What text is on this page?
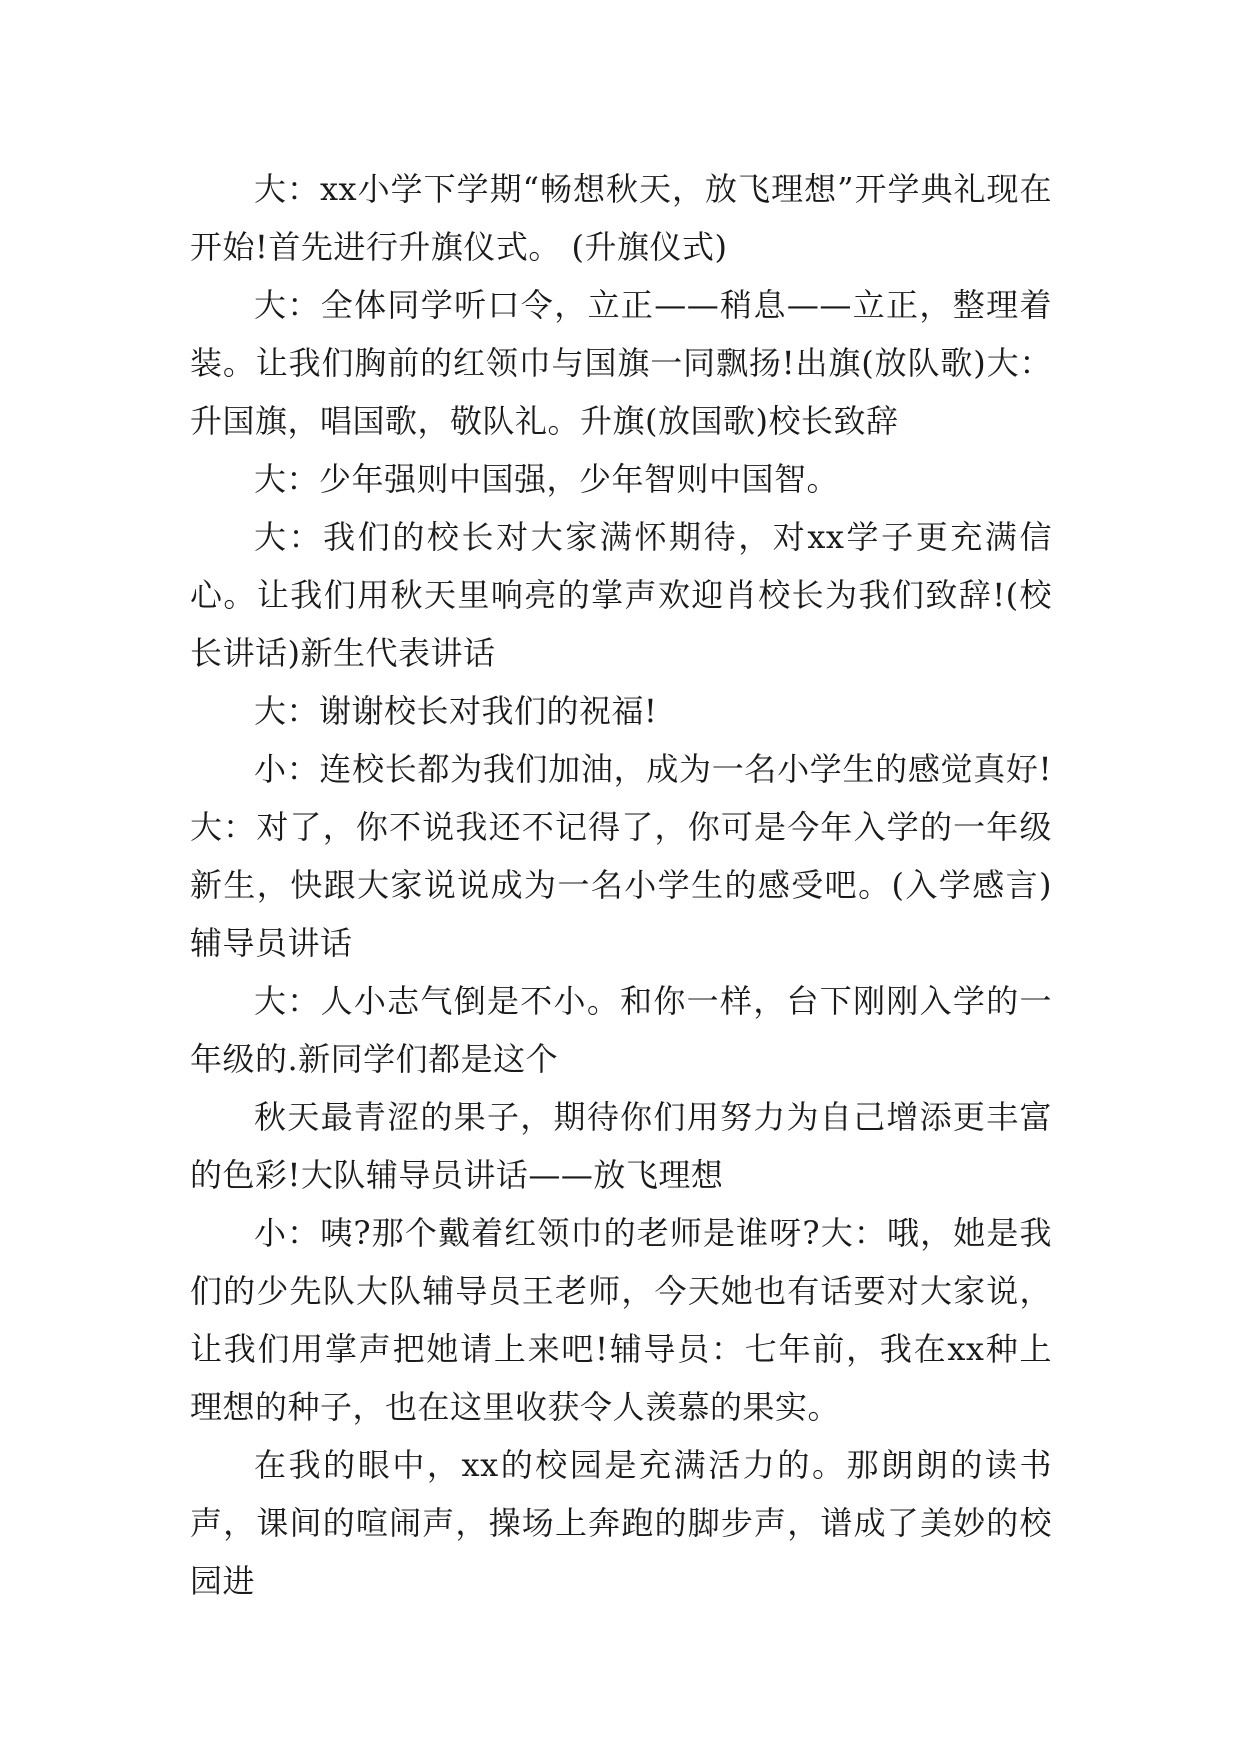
大：xx小学下学期“畅想秋天，放飞理想”开学典礼现在开始!首先进行升旗仪式。 (升旗仪式)

大：全体同学听口令，立正——稍息——立正，整理着装。让我们胸前的红领巾与国旗一同飘扬!出旗(放队歌)大：升国旗，唱国歌，敬队礼。升旗(放国歌)校长致辞

大：少年强则中国强，少年智则中国智。

大：我们的校长对大家满怀期待，对xx学子更充满信心。让我们用秋天里响亮的掌声欢迎肖校长为我们致辞!(校长讲话)新生代表讲话

大：谢谢校长对我们的祝福!

小：连校长都为我们加油，成为一名小学生的感觉真好!大：对了，你不说我还不记得了，你可是今年入学的一年级新生，快跟大家说说成为一名小学生的感受吧。(入学感言)辅导员讲话

大：人小志气倒是不小。和你一样，台下刚刚入学的一年级的.新同学们都是这个

秋天最青涩的果子，期待你们用努力为自己增添更丰富的色彩!大队辅导员讲话——放飞理想

小：咦?那个戴着红领巾的老师是谁呀?大：哦，她是我们的少先队大队辅导员王老师，今天她也有话要对大家说，让我们用掌声把她请上来吧!辅导员：七年前，我在xx种上理想的种子，也在这里收获令人羡慕的果实。

在我的眼中，xx的校园是充满活力的。那朗朗的读书声，课间的喧闹声，操场上奔跑的脚步声，谱成了美妙的校园进
